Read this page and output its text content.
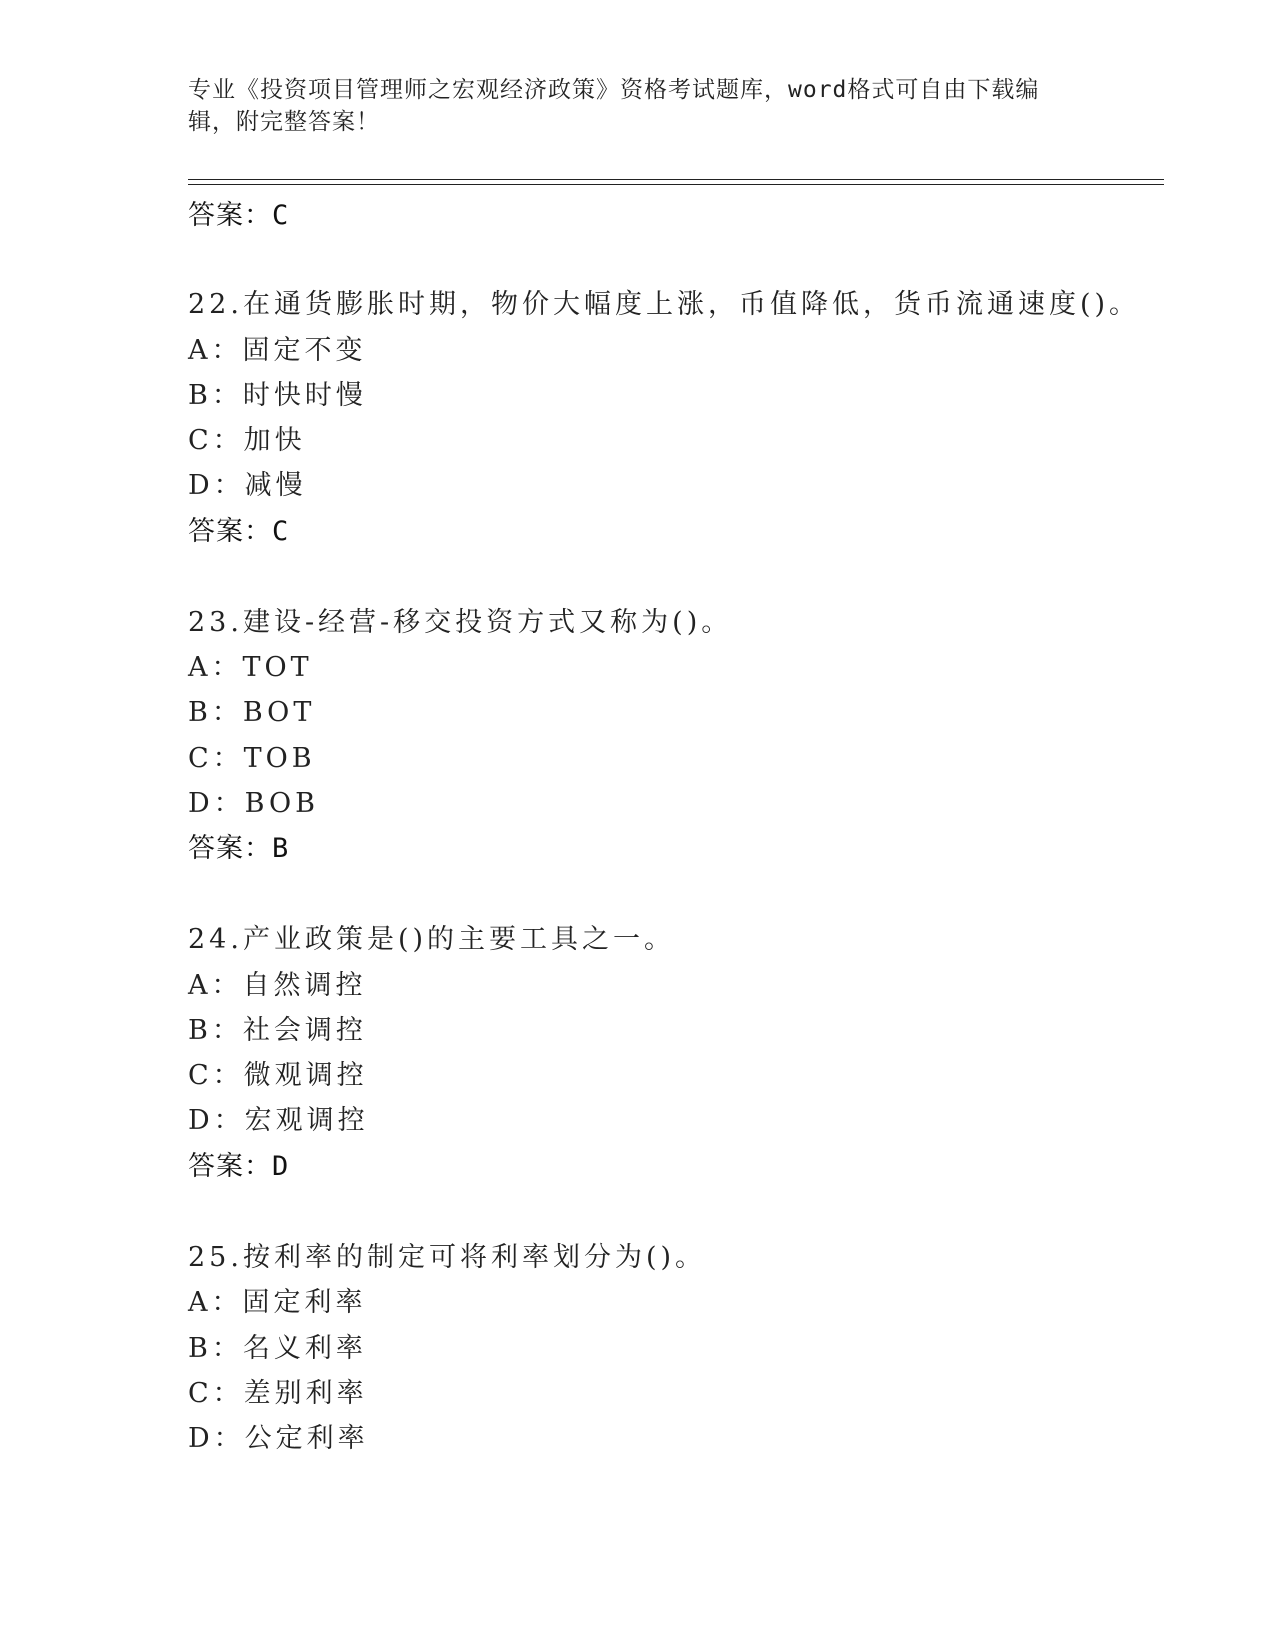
专业《投资项目管理师之宏观经济政策》资格考试题库，word格式可自由下载编
辑，附完整答案！
答案：C
22.在通货膨胀时期，物价大幅度上涨，币值降低，货币流通速度()。
A：固定不变
B：时快时慢
C：加快
D：减慢
答案：C
23.建设-经营-移交投资方式又称为()。
A：TOT
B：BOT
C：TOB
D：BOB
答案：B
24.产业政策是()的主要工具之一。
A：自然调控
B：社会调控
C：微观调控
D：宏观调控
答案：D
25.按利率的制定可将利率划分为()。
A：固定利率
B：名义利率
C：差别利率
D：公定利率
